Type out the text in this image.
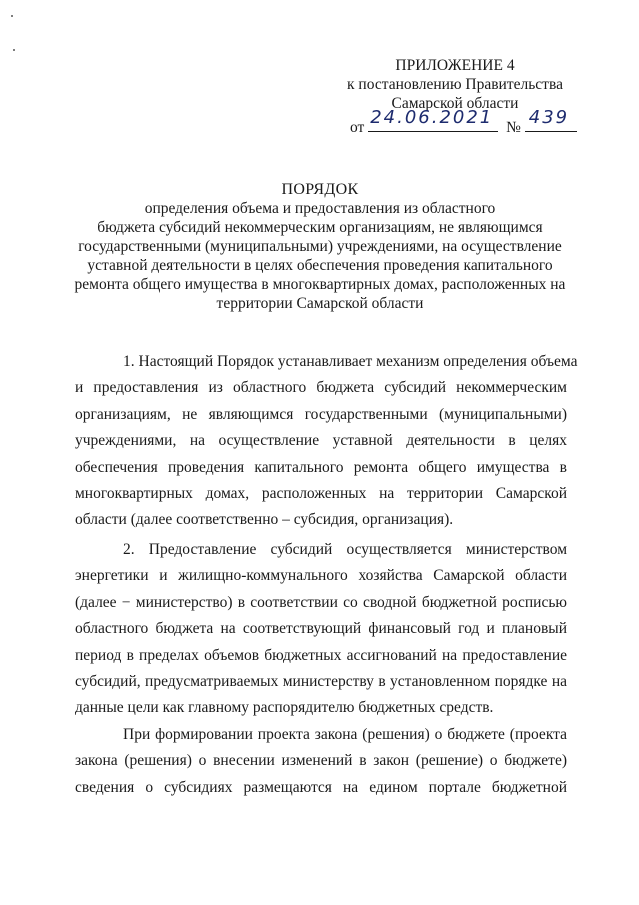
ПРИЛОЖЕНИЕ 4
к постановлению Правительства
Самарской области
от 24.06.2021 № 439
ПОРЯДОК
определения объема и предоставления из областного
бюджета субсидий некоммерческим организациям, не являющимся
государственными (муниципальными) учреждениями, на осуществление
уставной деятельности в целях обеспечения проведения капитального
ремонта общего имущества в многоквартирных домах, расположенных на
территории Самарской области
1. Настоящий Порядок устанавливает механизм определения объема
и предоставления из областного бюджета субсидий некоммерческим
организациям, не являющимся государственными (муниципальными)
учреждениями, на осуществление уставной деятельности в целях
обеспечения проведения капитального ремонта общего имущества в
многоквартирных домах, расположенных на территории Самарской
области (далее соответственно – субсидия, организация).
2. Предоставление субсидий осуществляется министерством
энергетики и жилищно-коммунального хозяйства Самарской области
(далее − министерство) в соответствии со сводной бюджетной росписью
областного бюджета на соответствующий финансовый год и плановый
период в пределах объемов бюджетных ассигнований на предоставление
субсидий, предусматриваемых министерству в установленном порядке на
данные цели как главному распорядителю бюджетных средств.
При формировании проекта закона (решения) о бюджете (проекта
закона (решения) о внесении изменений в закон (решение) о бюджете)
сведения о субсидиях размещаются на едином портале бюджетной
